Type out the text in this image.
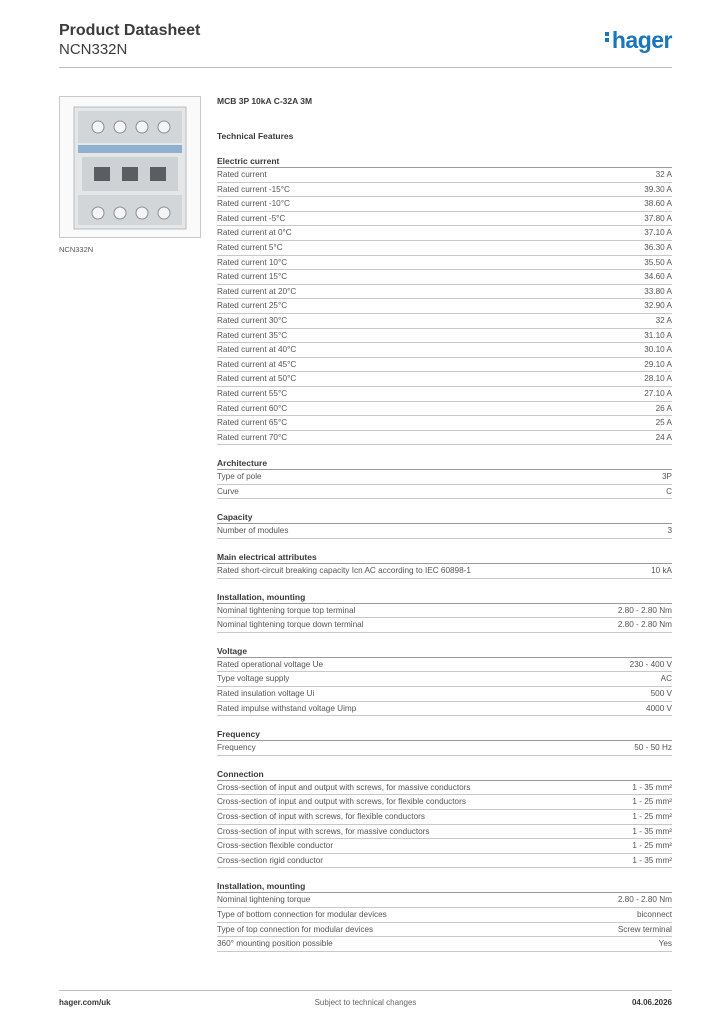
Product Datasheet
NCN332N	hager
NCN332N
MCB 3P 10kA C-32A 3M
Technical Features
Electric current
Rated current	32 A
Rated current -15°C	39.30 A
Rated current -10°C	38.60 A
Rated current -5°C	37.80 A
Rated current at 0°C	37.10 A
Rated current 5°C	36.30 A
Rated current 10°C	35.50 A
Rated current 15°C	34.60 A
Rated current at 20°C	33.80 A
Rated current 25°C	32.90 A
Rated current 30°C	32 A
Rated current 35°C	31.10 A
Rated current at 40°C	30.10 A
Rated current at 45°C	29.10 A
Rated current at 50°C	28.10 A
Rated current 55°C	27.10 A
Rated current 60°C	26 A
Rated current 65°C	25 A
Rated current 70°C	24 A
Architecture
Type of pole	3P
Curve	C
Capacity
Number of modules	3
Main electrical attributes
Rated short-circuit breaking capacity Icn AC according to IEC 60898-1	10 kA
Installation, mounting
Nominal tightening torque top terminal	2.80 - 2.80 Nm
Nominal tightening torque down terminal	2.80 - 2.80 Nm
Voltage
Rated operational voltage Ue	230 - 400 V
Type voltage supply	AC
Rated insulation voltage Ui	500 V
Rated impulse withstand voltage Uimp	4000 V
Frequency
Frequency	50 - 50 Hz
Connection
Cross-section of input and output with screws, for massive conductors	1 - 35 mm²
Cross-section of input and output with screws, for flexible conductors	1 - 25 mm²
Cross-section of input with screws, for flexible conductors	1 - 25 mm²
Cross-section of input with screws, for massive conductors	1 - 35 mm²
Cross-section flexible conductor	1 - 25 mm²
Cross-section rigid conductor	1 - 35 mm²
Installation, mounting
Nominal tightening torque	2.80 - 2.80 Nm
Type of bottom connection for modular devices	biconnect
Type of top connection for modular devices	Screw terminal
360° mounting position possible	Yes
hager.com/uk	Subject to technical changes	04.06.2026
